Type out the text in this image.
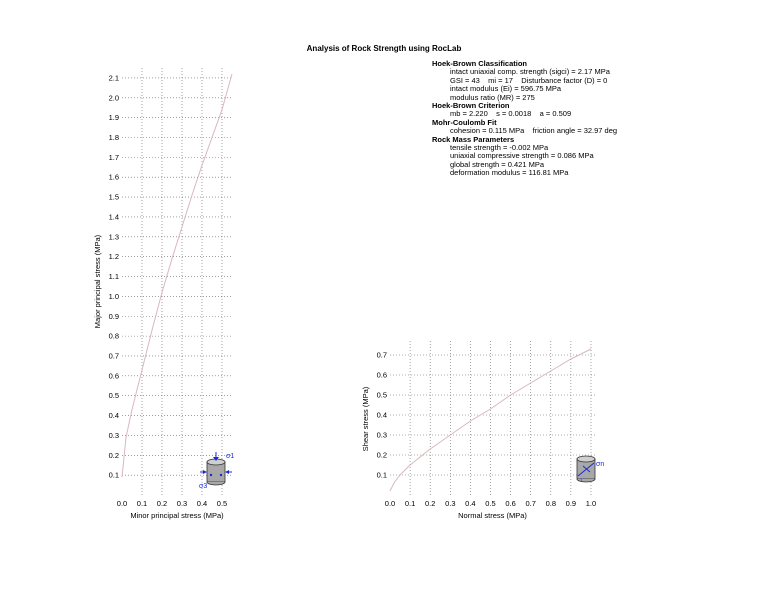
Analysis of Rock Strength using RocLab
Hoek-Brown Classification
intact uniaxial comp. strength (sigci) = 2.17 MPa
GSI = 43    mi = 17    Disturbance factor (D) = 0
intact modulus (Ei) = 596.75 MPa
modulus ratio (MR) = 275
Hoek-Brown Criterion
mb = 2.220    s = 0.0018    a = 0.509
Mohr-Coulomb Fit
cohesion = 0.115 MPa    friction angle = 32.97 deg
Rock Mass Parameters
tensile strength = -0.002 MPa
uniaxial compressive strength = 0.086 MPa
global strength = 0.421 MPa
deformation modulus = 116.81 MPa
0.0 0.1 0.2 0.3 0.4 0.5
0.1
0.2
0.3
0.4
0.5
0.6
0.7
0.8
0.9
1.0
1.1
1.2
1.3
1.4
1.5
1.6
1.7
1.8
1.9
2.0
2.1
Minor principal stress (MPa)
Major principal stress (MPa)
0.0 0.1 0.2 0.3 0.4 0.5 0.6 0.7 0.8 0.9 1.0
0.1
0.2
0.3
0.4
0.5
0.6
0.7
Normal stress (MPa)
Shear stress (MPa)
σ1
σ3
σn
τ
